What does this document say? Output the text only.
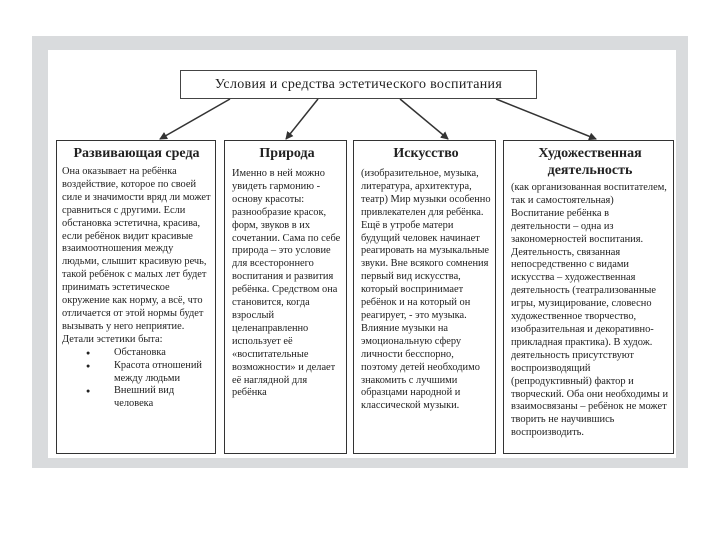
Условия и средства эстетического воспитания
Развивающая среда
Она оказывает на ребёнка воздействие, которое по своей силе и значимости вряд ли может сравниться с другими. Если обстановка эстетична, красива, если ребёнок видит красивые взаимоотношения между людьми, слышит красивую речь, такой ребёнок с малых лет будет принимать эстетическое окружение как норму, а всё, что отличается от этой нормы будет вызывать у него неприятие.
Детали эстетики быта:
● Обстановка
● Красота отношений между людьми
● Внешний вид человека
Природа
Именно в ней можно увидеть гармонию - основу красоты: разнообразие красок, форм, звуков в их сочетании. Сама по себе природа – это условие для всестороннего воспитания и развития ребёнка. Средством она становится, когда взрослый целенаправленно использует её «воспитательные возможности» и делает её наглядной для ребёнка
Искусство
(изобразительное, музыка, литература, архитектура, театр) Мир музыки особенно привлекателен для ребёнка. Ещё в утробе матери будущий человек начинает реагировать на музыкальные звуки. Вне всякого сомнения первый вид искусства, который воспринимает ребёнок и на который он реагирует, - это музыка. Влияние музыки на эмоциональную сферу личности бесспорно, поэтому детей необходимо знакомить с лучшими образцами народной и классической музыки.
Художественная деятельность
(как организованная воспитателем, так и самостоятельная) Воспитание ребёнка в деятельности – одна из закономерностей воспитания. Деятельность, связанная непосредственно с видами искусства – художественная деятельность (театрализованные игры, музицирование, словесно художественное творчество, изобразительная и декоративно-прикладная практика). В худож. деятельность присутствуют воспроизводящий (репродуктивный) фактор и творческий. Оба они необходимы и взаимосвязаны – ребёнок не может творить не научившись воспроизводить.
